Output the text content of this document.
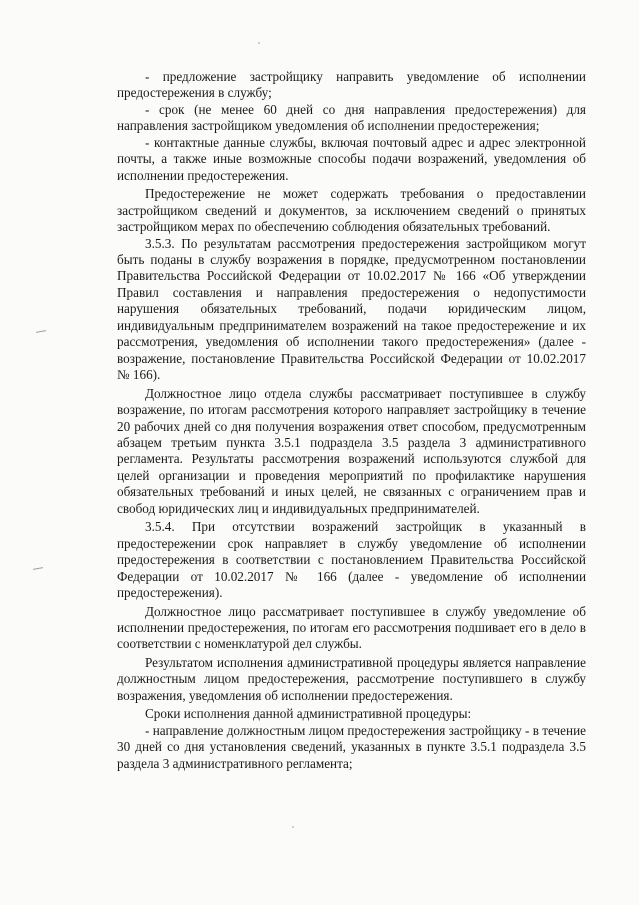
- предложение застройщику направить уведомление об исполнении предостережения в службу;

- срок (не менее 60 дней со дня направления предостережения) для направления застройщиком уведомления об исполнении предостережения;

- контактные данные службы, включая почтовый адрес и адрес электронной почты, а также иные возможные способы подачи возражений, уведомления об исполнении предостережения.

Предостережение не может содержать требования о предоставлении застройщиком сведений и документов, за исключением сведений о принятых застройщиком мерах по обеспечению соблюдения обязательных требований.

3.5.3. По результатам рассмотрения предостережения застройщиком могут быть поданы в службу возражения в порядке, предусмотренном постановлении Правительства Российской Федерации от 10.02.2017 № 166 «Об утверждении Правил составления и направления предостережения о недопустимости нарушения обязательных требований, подачи юридическим лицом, индивидуальным предпринимателем возражений на такое предостережение и их рассмотрения, уведомления об исполнении такого предостережения» (далее - возражение, постановление Правительства Российской Федерации от 10.02.2017 № 166).

Должностное лицо отдела службы рассматривает поступившее в службу возражение, по итогам рассмотрения которого направляет застройщику в течение 20 рабочих дней со дня получения возражения ответ способом, предусмотренным абзацем третьим пункта 3.5.1 подраздела 3.5 раздела 3 административного регламента. Результаты рассмотрения возражений используются службой для целей организации и проведения мероприятий по профилактике нарушения обязательных требований и иных целей, не связанных с ограничением прав и свобод юридических лиц и индивидуальных предпринимателей.

3.5.4. При отсутствии возражений застройщик в указанный в предостережении срок направляет в службу уведомление об исполнении предостережения в соответствии с постановлением Правительства Российской Федерации от 10.02.2017 № 166 (далее - уведомление об исполнении предостережения).

Должностное лицо рассматривает поступившее в службу уведомление об исполнении предостережения, по итогам его рассмотрения подшивает его в дело в соответствии с номенклатурой дел службы.

Результатом исполнения административной процедуры является направление должностным лицом предостережения, рассмотрение поступившего в службу возражения, уведомления об исполнении предостережения.

Сроки исполнения данной административной процедуры:

- направление должностным лицом предостережения застройщику - в течение 30 дней со дня установления сведений, указанных в пункте 3.5.1 подраздела 3.5 раздела 3 административного регламента;
